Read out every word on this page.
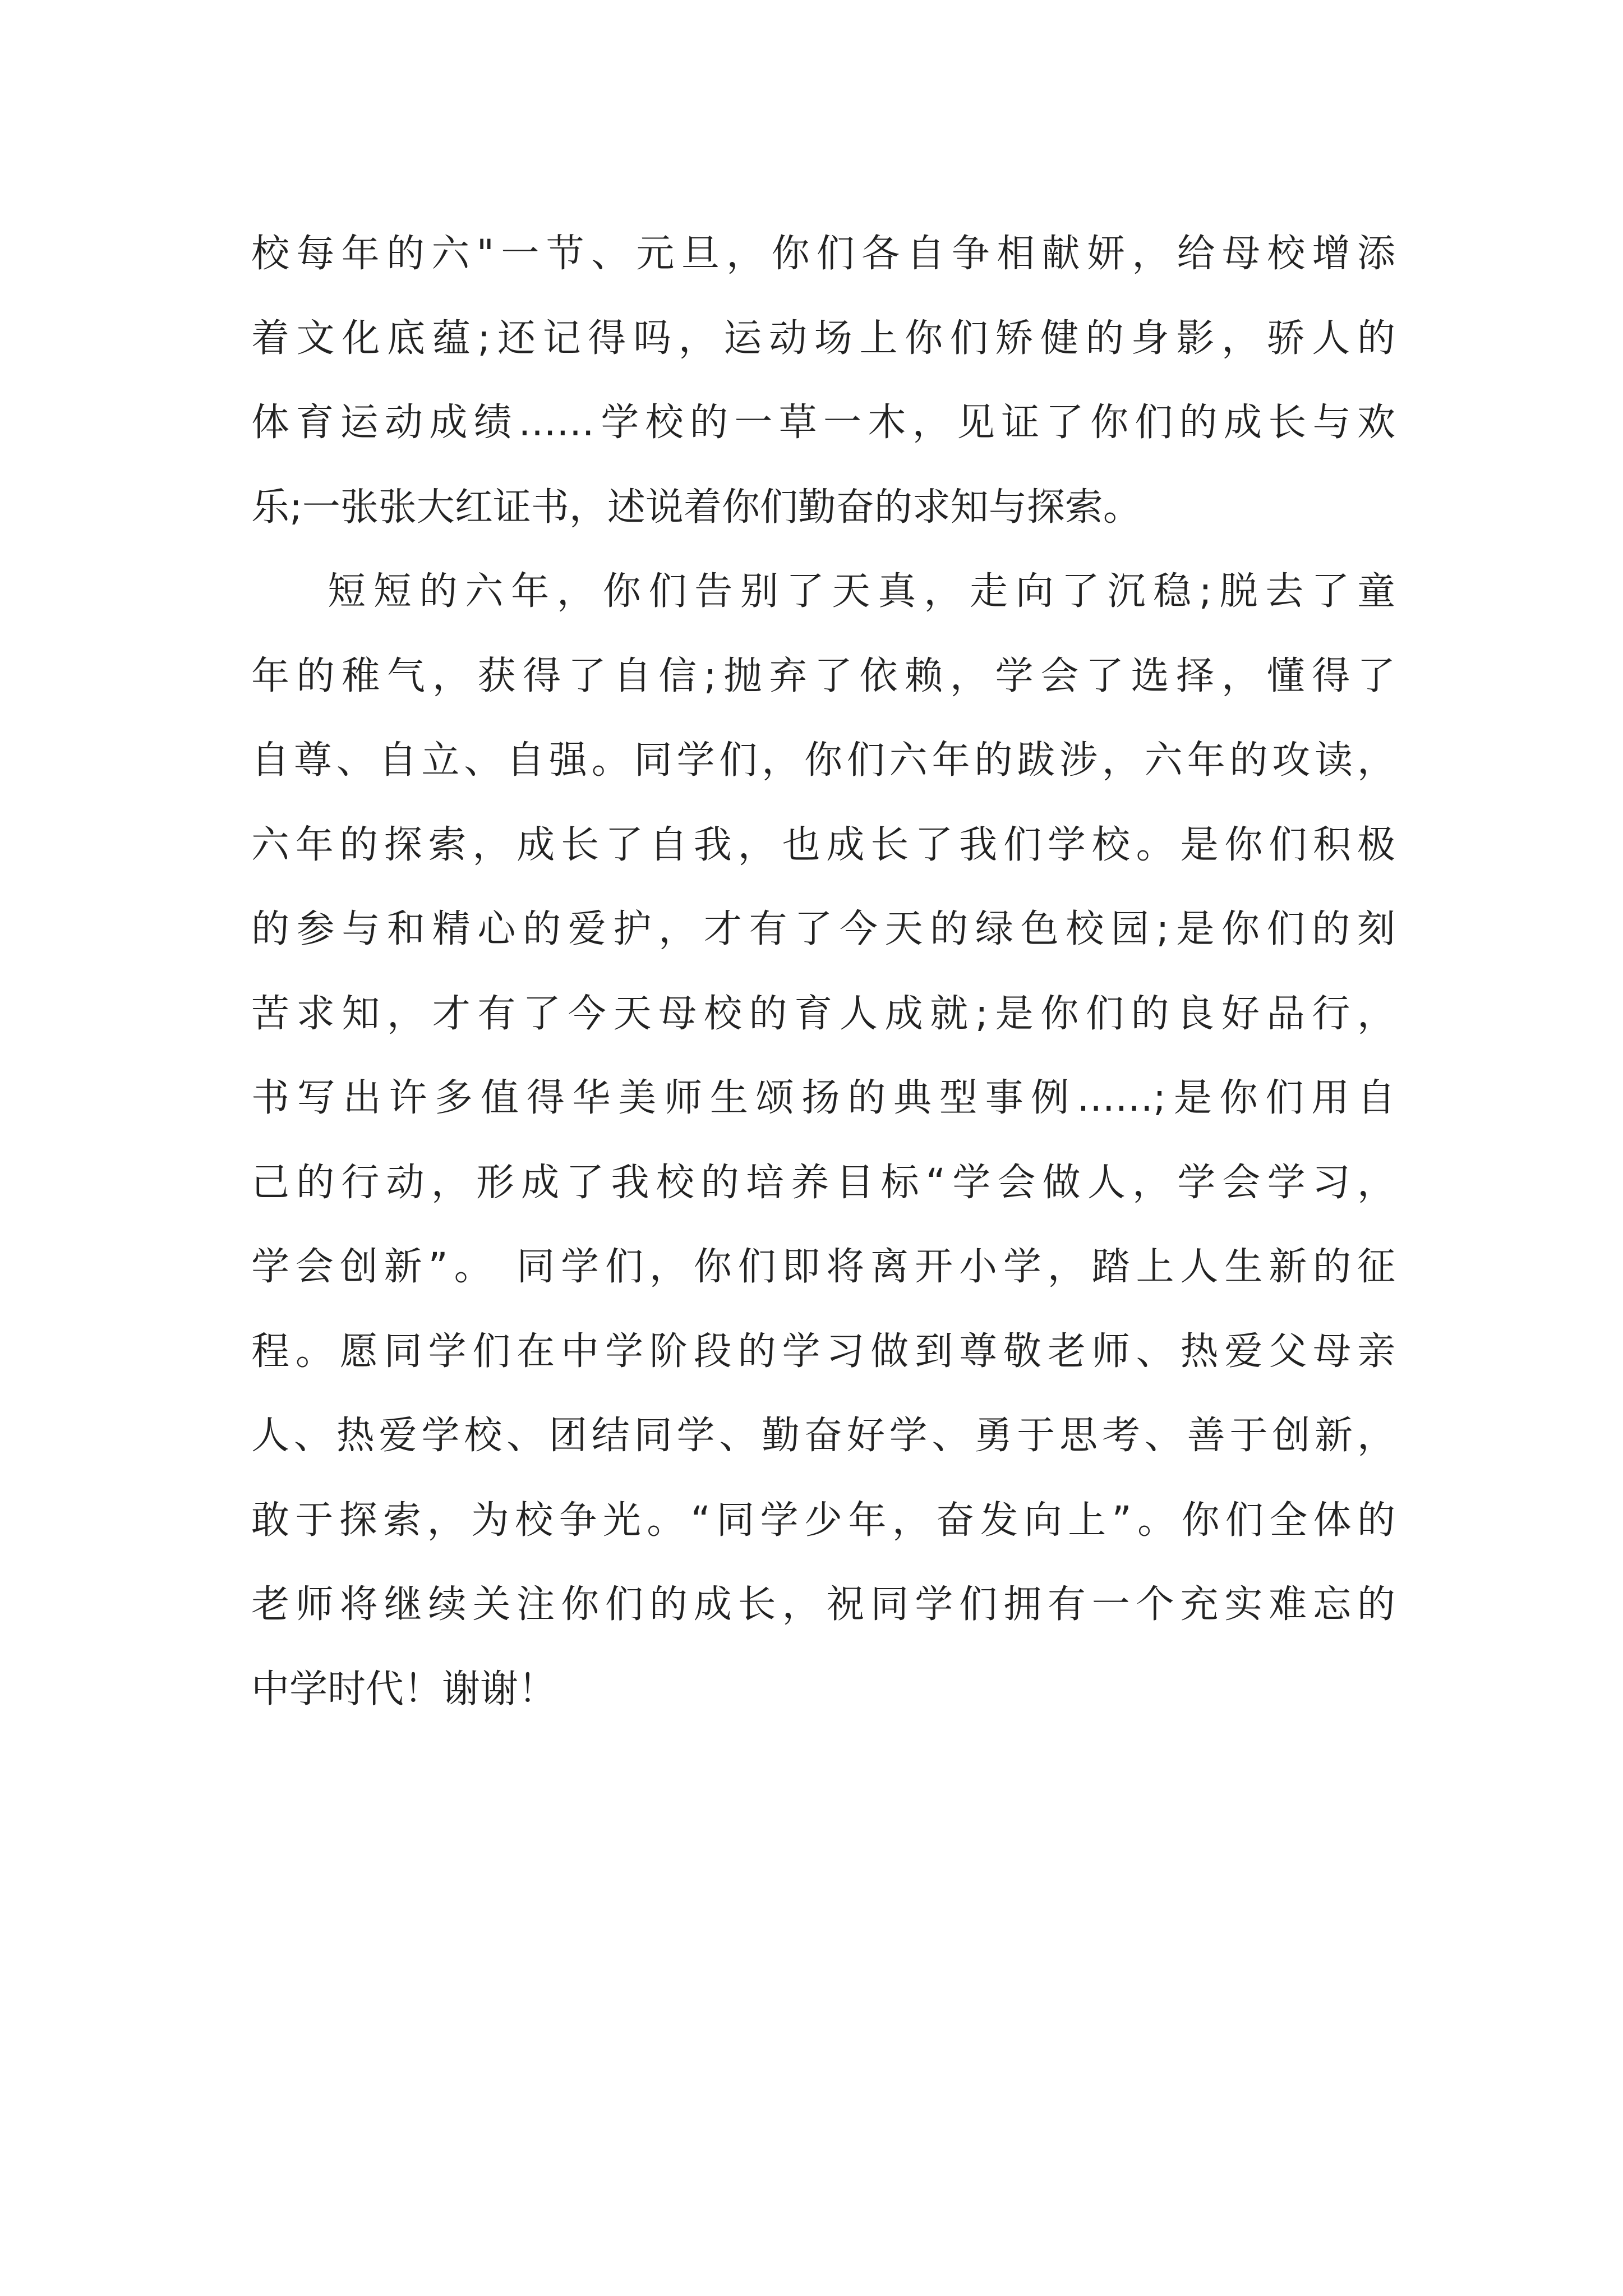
校每年的六"一节、元旦，你们各自争相献妍，给母校增添
着文化底蕴;还记得吗，运动场上你们矫健的身影，骄人的
体育运动成绩……学校的一草一木，见证了你们的成长与欢
乐;一张张大红证书，述说着你们勤奋的求知与探索。
短短的六年，你们告别了天真，走向了沉稳;脱去了童
年的稚气，获得了自信;抛弃了依赖，学会了选择，懂得了
自尊、自立、自强。同学们，你们六年的跋涉，六年的攻读，
六年的探索，成长了自我，也成长了我们学校。是你们积极
的参与和精心的爱护，才有了今天的绿色校园;是你们的刻
苦求知，才有了今天母校的育人成就;是你们的良好品行，
书写出许多值得华美师生颂扬的典型事例……;是你们用自
己的行动，形成了我校的培养目标“学会做人，学会学习，
学会创新”。 同学们，你们即将离开小学，踏上人生新的征
程。愿同学们在中学阶段的学习做到尊敬老师、热爱父母亲
人、热爱学校、团结同学、勤奋好学、勇于思考、善于创新，
敢于探索，为校争光。“同学少年，奋发向上”。你们全体的
老师将继续关注你们的成长，祝同学们拥有一个充实难忘的
中学时代！谢谢！
